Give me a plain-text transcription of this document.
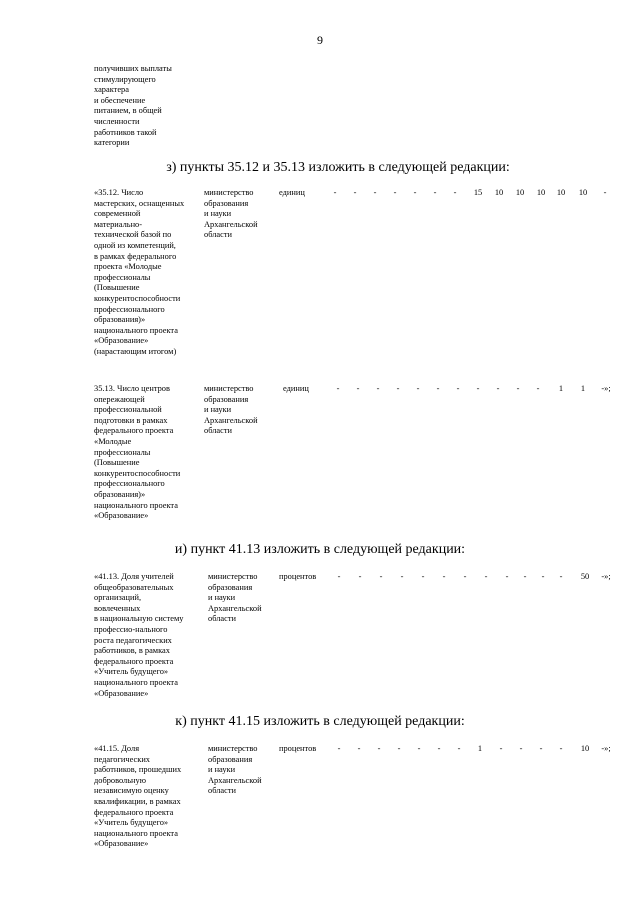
9
получивших выплаты
стимулирующего
характера
и обеспечение
питанием, в общей
численности
работников такой
категории
з) пункты 35.12 и 35.13 изложить в следующей редакции:
«35.12. Число
мастерских, оснащенных
современной
материально-
технической базой по
одной из компетенций,
в рамках федерального
проекта «Молодые
профессионалы
(Повышение
конкурентоспособности
профессионального
образования)»
национального проекта
«Образование»
(нарастающим итогом)
министерство
образования
и науки
Архангельской
области
единиц	-	-	-	-	-	-	-	15	10	10	10	10	10	-
35.13. Число центров
опережающей
профессиональной
подготовки в рамках
федерального проекта
«Молодые
профессионалы
(Повышение
конкурентоспособности
профессионального
образования)»
национального проекта
«Образование»
министерство
образования
и науки
Архангельской
области
единиц	-	-	-	-	-	-	-	-	-	-	-	1	1	-»;
и) пункт 41.13 изложить в следующей редакции:
«41.13. Доля учителей
общеобразовательных
организаций,
вовлеченных
в национальную систему
профессио-нального
роста педагогических
работников, в рамках
федерального проекта
«Учитель будущего»
национального проекта
«Образование»
министерство
образования
и науки
Архангельской
области
процентов	-	-	-	-	-	-	-	-	-	-	-	-	50	-»;
к) пункт 41.15 изложить в следующей редакции:
«41.15. Доля
педагогических
работников, прошедших
добровольную
независимую оценку
квалификации, в рамках
федерального проекта
«Учитель будущего»
национального проекта
«Образование»
министерство
образования
и науки
Архангельской
области
процентов	-	-	-	-	-	-	-	1	-	-	-	-	10	-»;
